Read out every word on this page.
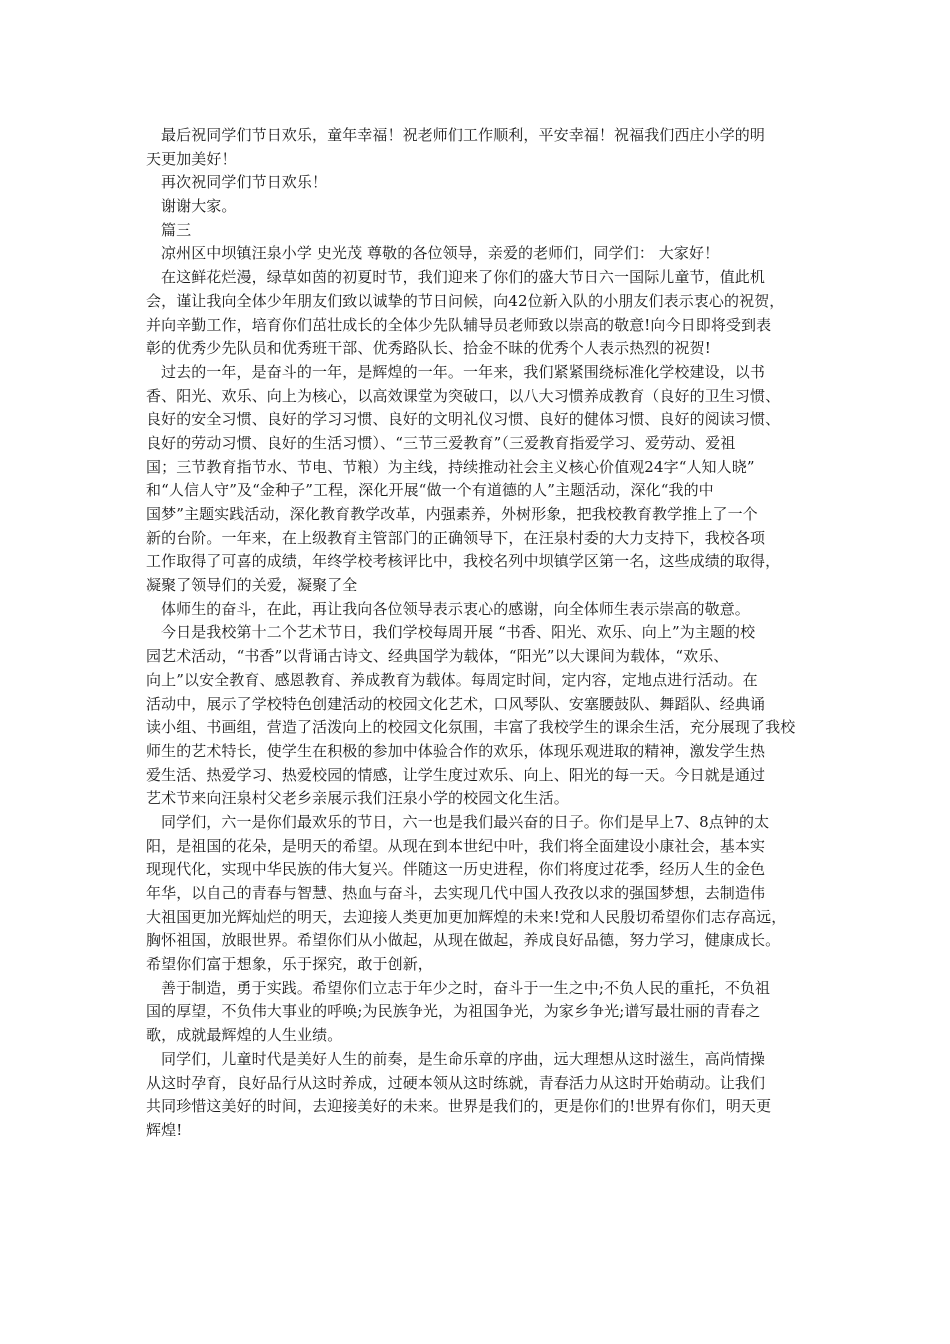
最后祝同学们节日欢乐，童年幸福！祝老师们工作顺利，平安幸福！祝福我们西庄小学的明
天更加美好！
再次祝同学们节日欢乐！
谢谢大家。
篇三
凉州区中坝镇汪泉小学 史光茂 尊敬的各位领导，亲爱的老师们，同学们： 大家好！
在这鲜花烂漫，绿草如茵的初夏时节，我们迎来了你们的盛大节日六一国际儿童节，值此机
会，谨让我向全体少年朋友们致以诚挚的节日问候，向42位新入队的小朋友们表示衷心的祝贺，
并向辛勤工作，培育你们茁壮成长的全体少先队辅导员老师致以崇高的敬意!向今日即将受到表
彰的优秀少先队员和优秀班干部、优秀路队长、拾金不昧的优秀个人表示热烈的祝贺!
过去的一年，是奋斗的一年，是辉煌的一年。一年来，我们紧紧围绕标准化学校建设，以书
香、阳光、欢乐、向上为核心，以高效课堂为突破口，以八大习惯养成教育（良好的卫生习惯、
良好的安全习惯、良好的学习习惯、良好的文明礼仪习惯、良好的健体习惯、良好的阅读习惯、
良好的劳动习惯、良好的生活习惯）、“三节三爱教育”（三爱教育指爱学习、爱劳动、爱祖
国；三节教育指节水、节电、节粮）为主线，持续推动社会主义核心价值观24字“人知人晓”
和“人信人守”及“金种子”工程，深化开展“做一个有道德的人”主题活动，深化“我的中
国梦”主题实践活动，深化教育教学改革，内强素养，外树形象，把我校教育教学推上了一个
新的台阶。一年来，在上级教育主管部门的正确领导下，在汪泉村委的大力支持下，我校各项
工作取得了可喜的成绩，年终学校考核评比中，我校名列中坝镇学区第一名，这些成绩的取得，
凝聚了领导们的关爱，凝聚了全
体师生的奋斗，在此，再让我向各位领导表示衷心的感谢，向全体师生表示崇高的敬意。
今日是我校第十二个艺术节日，我们学校每周开展 “书香、阳光、欢乐、向上”为主题的校
园艺术活动，“书香”以背诵古诗文、经典国学为载体，“阳光”以大课间为载体，“欢乐、
向上”以安全教育、感恩教育、养成教育为载体。每周定时间，定内容，定地点进行活动。在
活动中，展示了学校特色创建活动的校园文化艺术，口风琴队、安塞腰鼓队、舞蹈队、经典诵
读小组、书画组，营造了活泼向上的校园文化氛围，丰富了我校学生的课余生活，充分展现了我校
师生的艺术特长，使学生在积极的参加中体验合作的欢乐，体现乐观进取的精神，激发学生热
爱生活、热爱学习、热爱校园的情感，让学生度过欢乐、向上、阳光的每一天。今日就是通过
艺术节来向汪泉村父老乡亲展示我们汪泉小学的校园文化生活。
同学们，六一是你们最欢乐的节日，六一也是我们最兴奋的日子。你们是早上7、8点钟的太
阳，是祖国的花朵，是明天的希望。从现在到本世纪中叶，我们将全面建设小康社会，基本实
现现代化，实现中华民族的伟大复兴。伴随这一历史进程，你们将度过花季，经历人生的金色
年华，以自己的青春与智慧、热血与奋斗，去实现几代中国人孜孜以求的强国梦想，去制造伟
大祖国更加光辉灿烂的明天，去迎接人类更加更加辉煌的未来!党和人民殷切希望你们志存高远，
胸怀祖国，放眼世界。希望你们从小做起，从现在做起，养成良好品德，努力学习，健康成长。
希望你们富于想象，乐于探究，敢于创新，
善于制造，勇于实践。希望你们立志于年少之时，奋斗于一生之中;不负人民的重托，不负祖
国的厚望，不负伟大事业的呼唤;为民族争光，为祖国争光，为家乡争光;谱写最壮丽的青春之
歌，成就最辉煌的人生业绩。
同学们，儿童时代是美好人生的前奏，是生命乐章的序曲，远大理想从这时滋生，高尚情操
从这时孕育，良好品行从这时养成，过硬本领从这时练就，青春活力从这时开始萌动。让我们
共同珍惜这美好的时间，去迎接美好的未来。世界是我们的，更是你们的!世界有你们，明天更
辉煌!
